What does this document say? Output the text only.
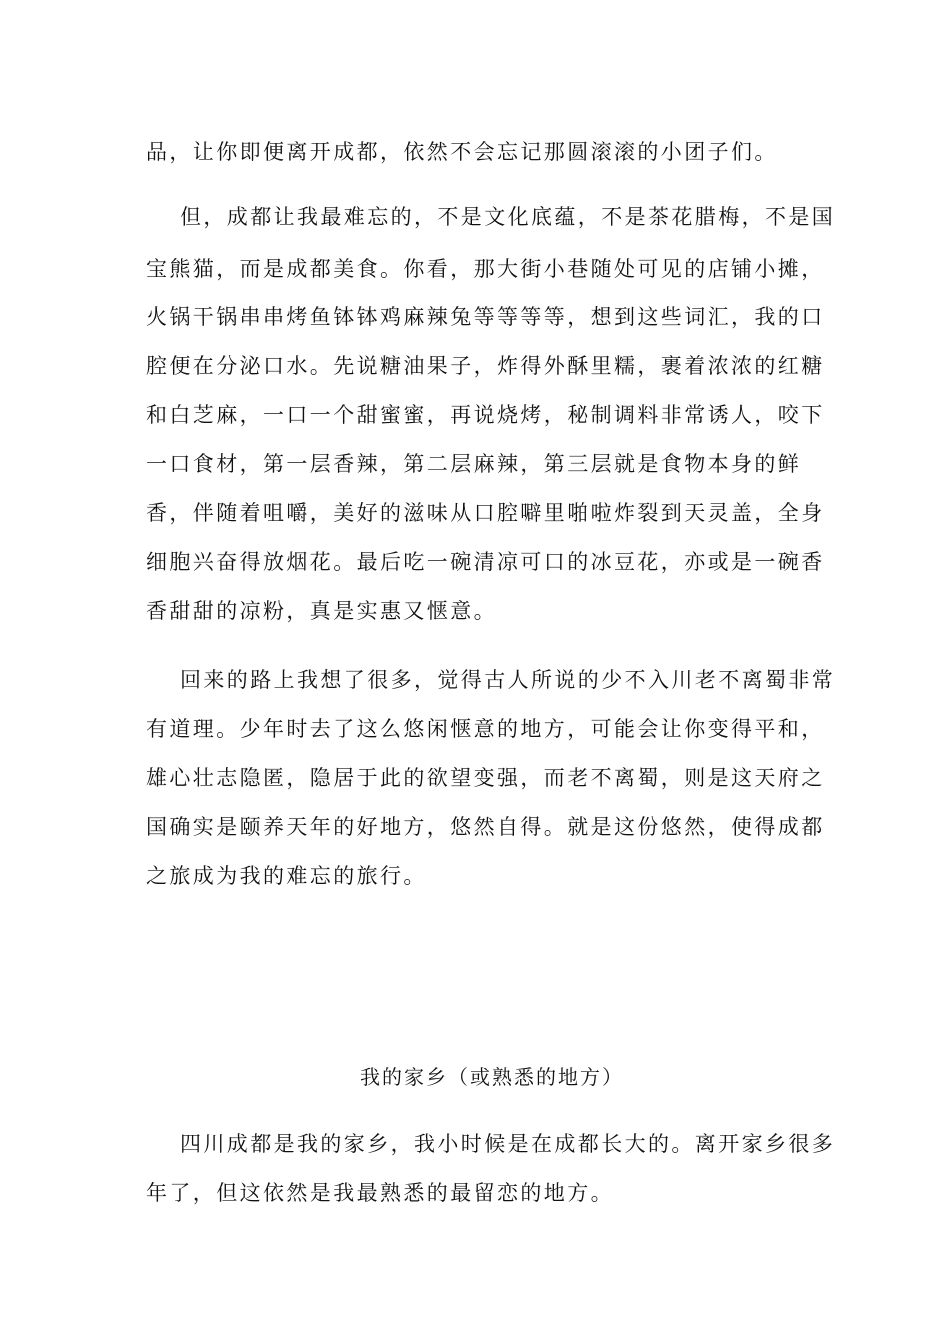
品，让你即便离开成都，依然不会忘记那圆滚滚的小团子们。

但，成都让我最难忘的，不是文化底蕴，不是茶花腊梅，不是国

宝熊猫，而是成都美食。你看，那大街小巷随处可见的店铺小摊，

火锅干锅串串烤鱼钵钵鸡麻辣兔等等等等，想到这些词汇，我的口

腔便在分泌口水。先说糖油果子，炸得外酥里糯，裹着浓浓的红糖

和白芝麻，一口一个甜蜜蜜，再说烧烤，秘制调料非常诱人，咬下

一口食材，第一层香辣，第二层麻辣，第三层就是食物本身的鲜

香，伴随着咀嚼，美好的滋味从口腔噼里啪啦炸裂到天灵盖，全身

细胞兴奋得放烟花。最后吃一碗清凉可口的冰豆花，亦或是一碗香

香甜甜的凉粉，真是实惠又惬意。

回来的路上我想了很多，觉得古人所说的少不入川老不离蜀非常

有道理。少年时去了这么悠闲惬意的地方，可能会让你变得平和，

雄心壮志隐匿，隐居于此的欲望变强，而老不离蜀，则是这天府之

国确实是颐养天年的好地方，悠然自得。就是这份悠然，使得成都

之旅成为我的难忘的旅行。

我的家乡（或熟悉的地方）

四川成都是我的家乡，我小时候是在成都长大的。离开家乡很多

年了，但这依然是我最熟悉的最留恋的地方。
